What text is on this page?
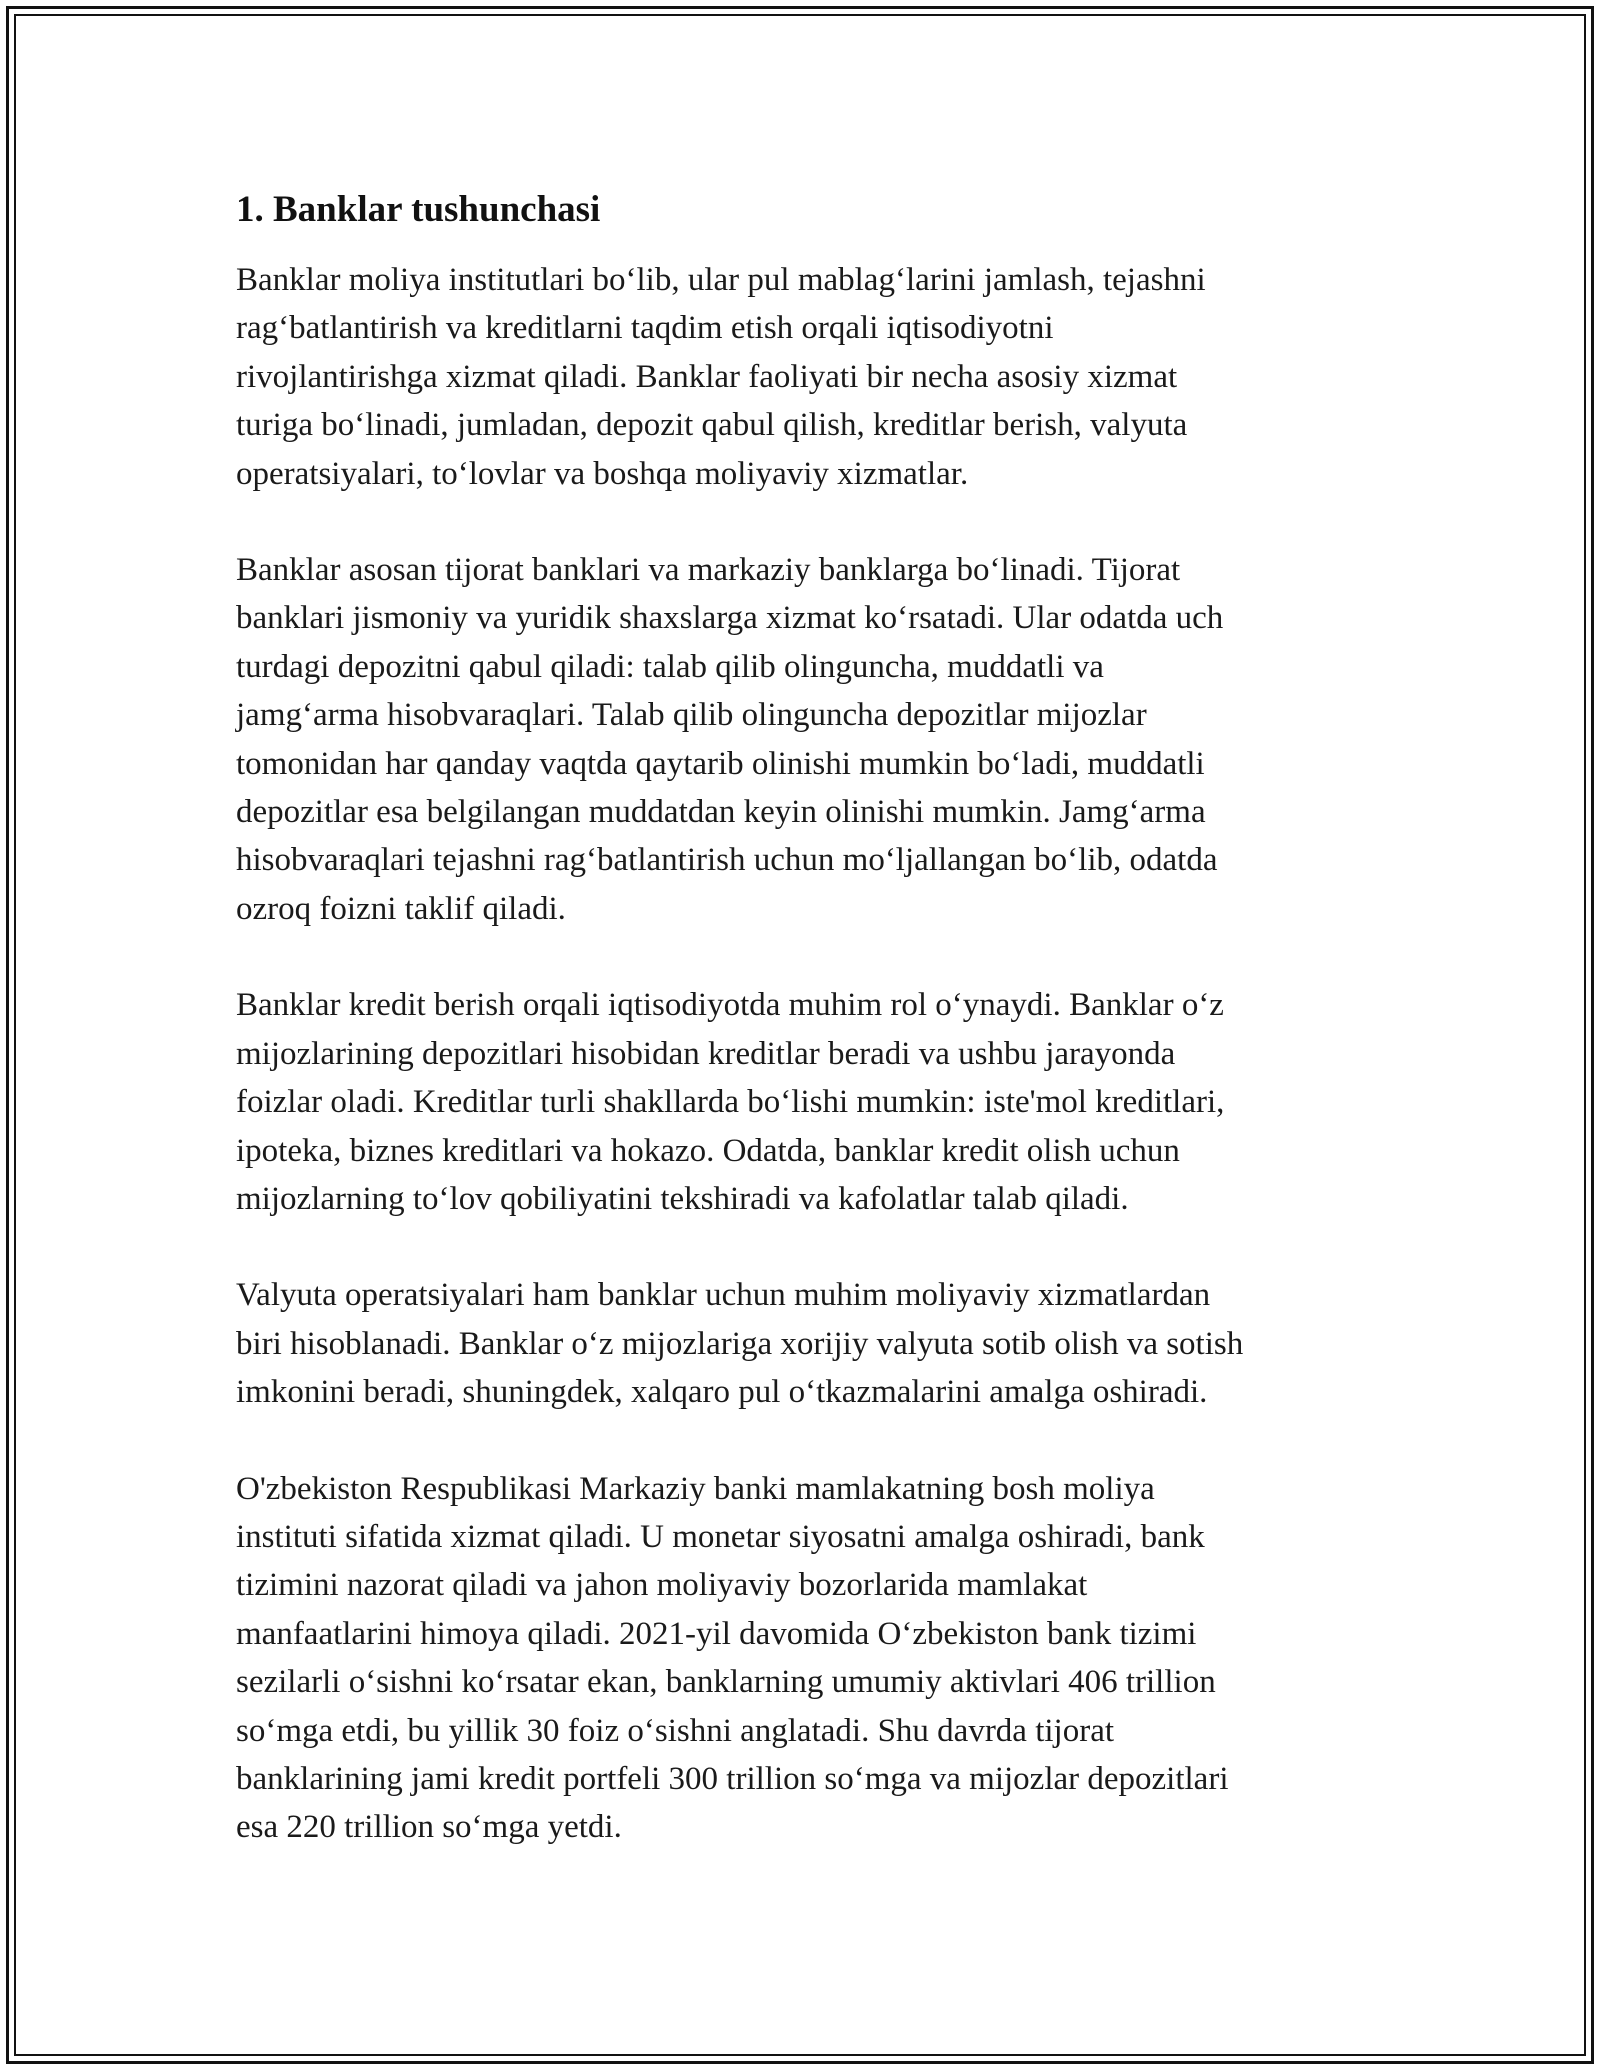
1. Banklar tushunchasi

Banklar moliya institutlari bo‘lib, ular pul mablag‘larini jamlash, tejashni
rag‘batlantirish va kreditlarni taqdim etish orqali iqtisodiyotni
rivojlantirishga xizmat qiladi. Banklar faoliyati bir necha asosiy xizmat
turiga bo‘linadi, jumladan, depozit qabul qilish, kreditlar berish, valyuta
operatsiyalari, to‘lovlar va boshqa moliyaviy xizmatlar.

Banklar asosan tijorat banklari va markaziy banklarga bo‘linadi. Tijorat
banklari jismoniy va yuridik shaxslarga xizmat ko‘rsatadi. Ular odatda uch
turdagi depozitni qabul qiladi: talab qilib olinguncha, muddatli va
jamg‘arma hisobvaraqlari. Talab qilib olinguncha depozitlar mijozlar
tomonidan har qanday vaqtda qaytarib olinishi mumkin bo‘ladi, muddatli
depozitlar esa belgilangan muddatdan keyin olinishi mumkin. Jamg‘arma
hisobvaraqlari tejashni rag‘batlantirish uchun mo‘ljallangan bo‘lib, odatda
ozroq foizni taklif qiladi.

Banklar kredit berish orqali iqtisodiyotda muhim rol o‘ynaydi. Banklar o‘z
mijozlarining depozitlari hisobidan kreditlar beradi va ushbu jarayonda
foizlar oladi. Kreditlar turli shakllarda bo‘lishi mumkin: iste'mol kreditlari,
ipoteka, biznes kreditlari va hokazo. Odatda, banklar kredit olish uchun
mijozlarning to‘lov qobiliyatini tekshiradi va kafolatlar talab qiladi.

Valyuta operatsiyalari ham banklar uchun muhim moliyaviy xizmatlardan
biri hisoblanadi. Banklar o‘z mijozlariga xorijiy valyuta sotib olish va sotish
imkonini beradi, shuningdek, xalqaro pul o‘tkazmalarini amalga oshiradi.

O'zbekiston Respublikasi Markaziy banki mamlakatning bosh moliya
instituti sifatida xizmat qiladi. U monetar siyosatni amalga oshiradi, bank
tizimini nazorat qiladi va jahon moliyaviy bozorlarida mamlakat
manfaatlarini himoya qiladi. 2021-yil davomida O‘zbekiston bank tizimi
sezilarli o‘sishni ko‘rsatar ekan, banklarning umumiy aktivlari 406 trillion
so‘mga etdi, bu yillik 30 foiz o‘sishni anglatadi. Shu davrda tijorat
banklarining jami kredit portfeli 300 trillion so‘mga va mijozlar depozitlari
esa 220 trillion so‘mga yetdi.
